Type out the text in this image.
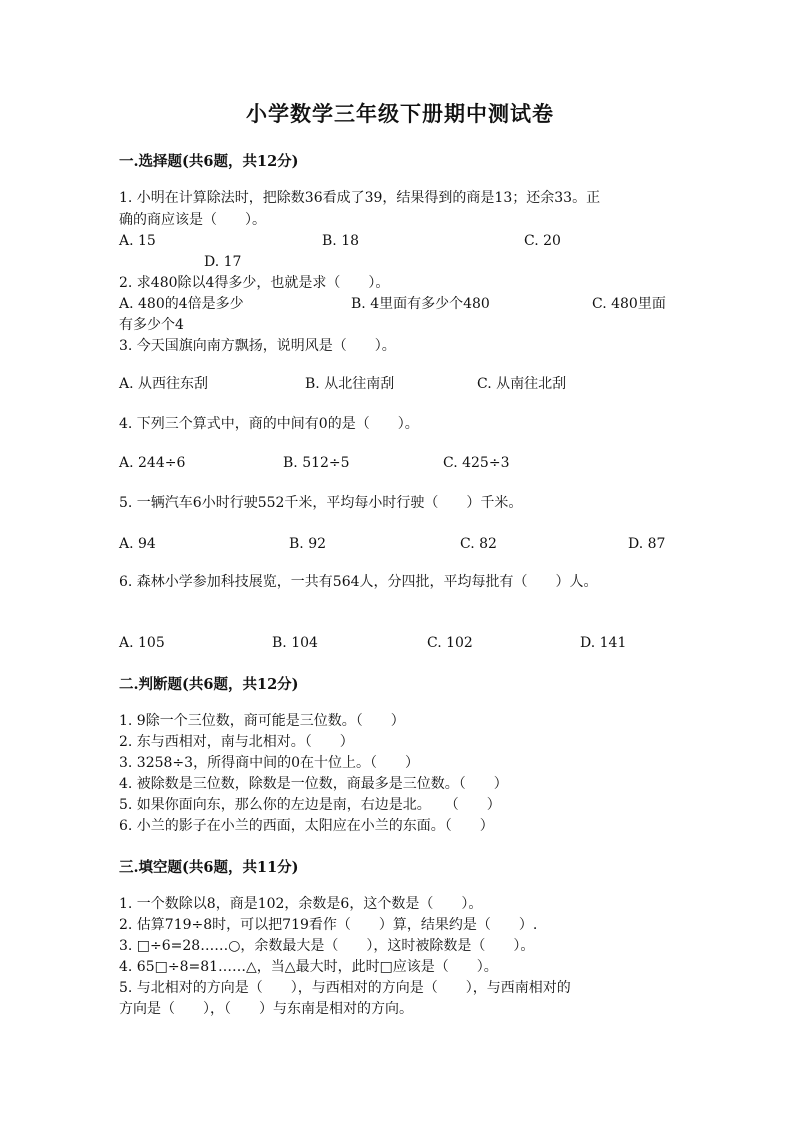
小学数学三年级下册期中测试卷
一.选择题(共6题，共12分)
1. 小明在计算除法时，把除数36看成了39，结果得到的商是13；还余33。正
确的商应该是（　　）。
A. 15	B. 18	C. 20
D. 17
2. 求480除以4得多少，也就是求（　　）。
A. 480的4倍是多少	B. 4里面有多少个480	C. 480里面
有多少个4
3. 今天国旗向南方飘扬，说明风是（　　）。
A. 从西往东刮	B. 从北往南刮	C. 从南往北刮
4. 下列三个算式中，商的中间有0的是（　　）。
A. 244÷6	B. 512÷5	C. 425÷3
5. 一辆汽车6小时行驶552千米，平均每小时行驶（　　）千米。
A. 94	B. 92	C. 82	D. 87
6. 森林小学参加科技展览，一共有564人，分四批，平均每批有（　　）人。
A. 105	B. 104	C. 102	D. 141
二.判断题(共6题，共12分)
1. 9除一个三位数，商可能是三位数。（　　）
2. 东与西相对，南与北相对。（　　）
3. 3258÷3，所得商中间的0在十位上。（　　）
4. 被除数是三位数，除数是一位数，商最多是三位数。（　　）
5. 如果你面向东，那么你的左边是南，右边是北。　　（　　）
6. 小兰的影子在小兰的西面，太阳应在小兰的东面。（　　）
三.填空题(共6题，共11分)
1. 一个数除以8，商是102，余数是6，这个数是（　　）。
2. 估算719÷8时，可以把719看作（　　）算，结果约是（　　）.
3. □÷6=28……○，余数最大是（　　），这时被除数是（　　）。
4. 65□÷8=81……△，当△最大时，此时□应该是（　　）。
5. 与北相对的方向是（　　），与西相对的方向是（　　），与西南相对的
方向是（　　），（　　）与东南是相对的方向。
